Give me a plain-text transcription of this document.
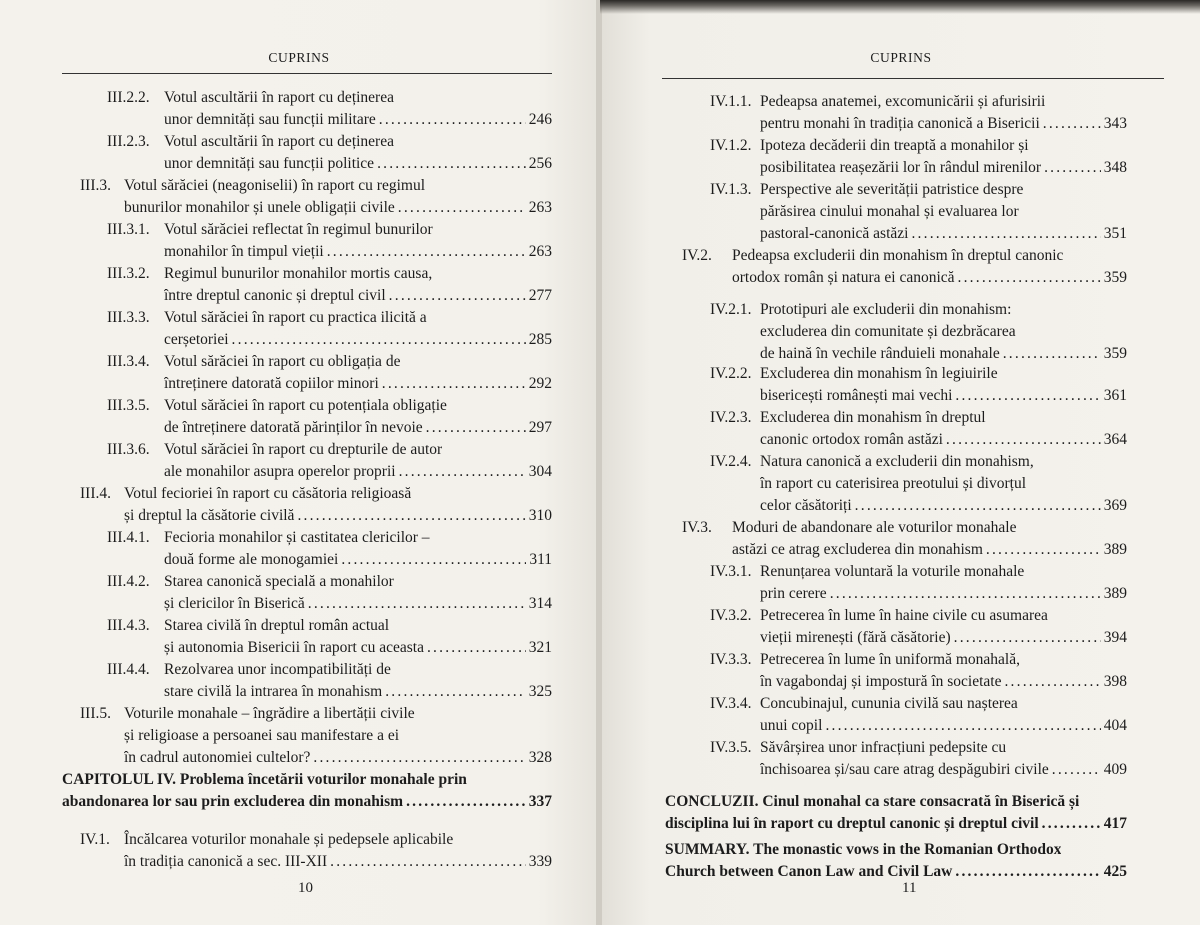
CUPRINS
III.2.2. Votul ascultării în raport cu deținerea
unor demnități sau funcții militare .....	246
III.2.3. Votul ascultării în raport cu deținerea
unor demnități sau funcții politice .....	256
III.3. Votul sărăciei (neagoniselii) în raport cu regimul
bunurilor monahilor și unele obligații civile .....	263
III.3.1. Votul sărăciei reflectat în regimul bunurilor
monahilor în timpul vieții .....	263
III.3.2. Regimul bunurilor monahilor mortis causa,
între dreptul canonic și dreptul civil .....	277
III.3.3. Votul sărăciei în raport cu practica ilicită a
cerșetoriei .....	285
III.3.4. Votul sărăciei în raport cu obligația de
întreținere datorată copiilor minori .....	292
III.3.5. Votul sărăciei în raport cu potențiala obligație
de întreținere datorată părinților în nevoie .....	297
III.3.6. Votul sărăciei în raport cu drepturile de autor
ale monahilor asupra operelor proprii .....	304
III.4. Votul fecioriei în raport cu căsătoria religioasă
și dreptul la căsătorie civilă .....	310
III.4.1. Fecioria monahilor și castitatea clericilor –
două forme ale monogamiei .....	311
III.4.2. Starea canonică specială a monahilor
și clericilor în Biserică .....	314
III.4.3. Starea civilă în dreptul român actual
și autonomia Bisericii în raport cu aceasta .....	321
III.4.4. Rezolvarea unor incompatibilități de
stare civilă la intrarea în monahism .....	325
III.5. Voturile monahale – îngrădire a libertății civile
și religioase a persoanei sau manifestare a ei
în cadrul autonomiei cultelor? .....	328
CAPITOLUL IV. Problema încetării voturilor monahale prin
abandonarea lor sau prin excluderea din monahism .....	337
IV.1. Încălcarea voturilor monahale și pedepsele aplicabile
în tradiția canonică a sec. III-XII .....	339
10
CUPRINS
IV.1.1. Pedeapsa anatemei, excomunicării și afurisirii
pentru monahi în tradiția canonică a Bisericii .....	343
IV.1.2. Ipoteza decăderii din treaptă a monahilor și
posibilitatea reașezării lor în rândul mirenilor .....	348
IV.1.3. Perspective ale severității patristice despre
părăsirea cinului monahal și evaluarea lor
pastoral-canonică astăzi .....	351
IV.2. Pedeapsa excluderii din monahism în dreptul canonic
ortodox român și natura ei canonică .....	359
IV.2.1. Prototipuri ale excluderii din monahism:
excluderea din comunitate și dezbrăcarea
de haină în vechile rânduieli monahale .....	359
IV.2.2. Excluderea din monahism în legiuirile
bisericești românești mai vechi .....	361
IV.2.3. Excluderea din monahism în dreptul
canonic ortodox român astăzi .....	364
IV.2.4. Natura canonică a excluderii din monahism,
în raport cu caterisirea preotului și divorțul
celor căsătoriți .....	369
IV.3. Moduri de abandonare ale voturilor monahale
astăzi ce atrag excluderea din monahism .....	389
IV.3.1. Renunțarea voluntară la voturile monahale
prin cerere .....	389
IV.3.2. Petrecerea în lume în haine civile cu asumarea
vieții mirenești (fără căsătorie) .....	394
IV.3.3. Petrecerea în lume în uniformă monahală,
în vagabondaj și impostură în societate .....	398
IV.3.4. Concubinajul, cununia civilă sau nașterea
unui copil .....	404
IV.3.5. Săvârșirea unor infracțiuni pedepsite cu
închisoarea și/sau care atrag despăgubiri civile .....	409
CONCLUZII. Cinul monahal ca stare consacrată în Biserică și
disciplina lui în raport cu dreptul canonic și dreptul civil .....	417
SUMMARY. The monastic vows in the Romanian Orthodox
Church between Canon Law and Civil Law .....	425
11
